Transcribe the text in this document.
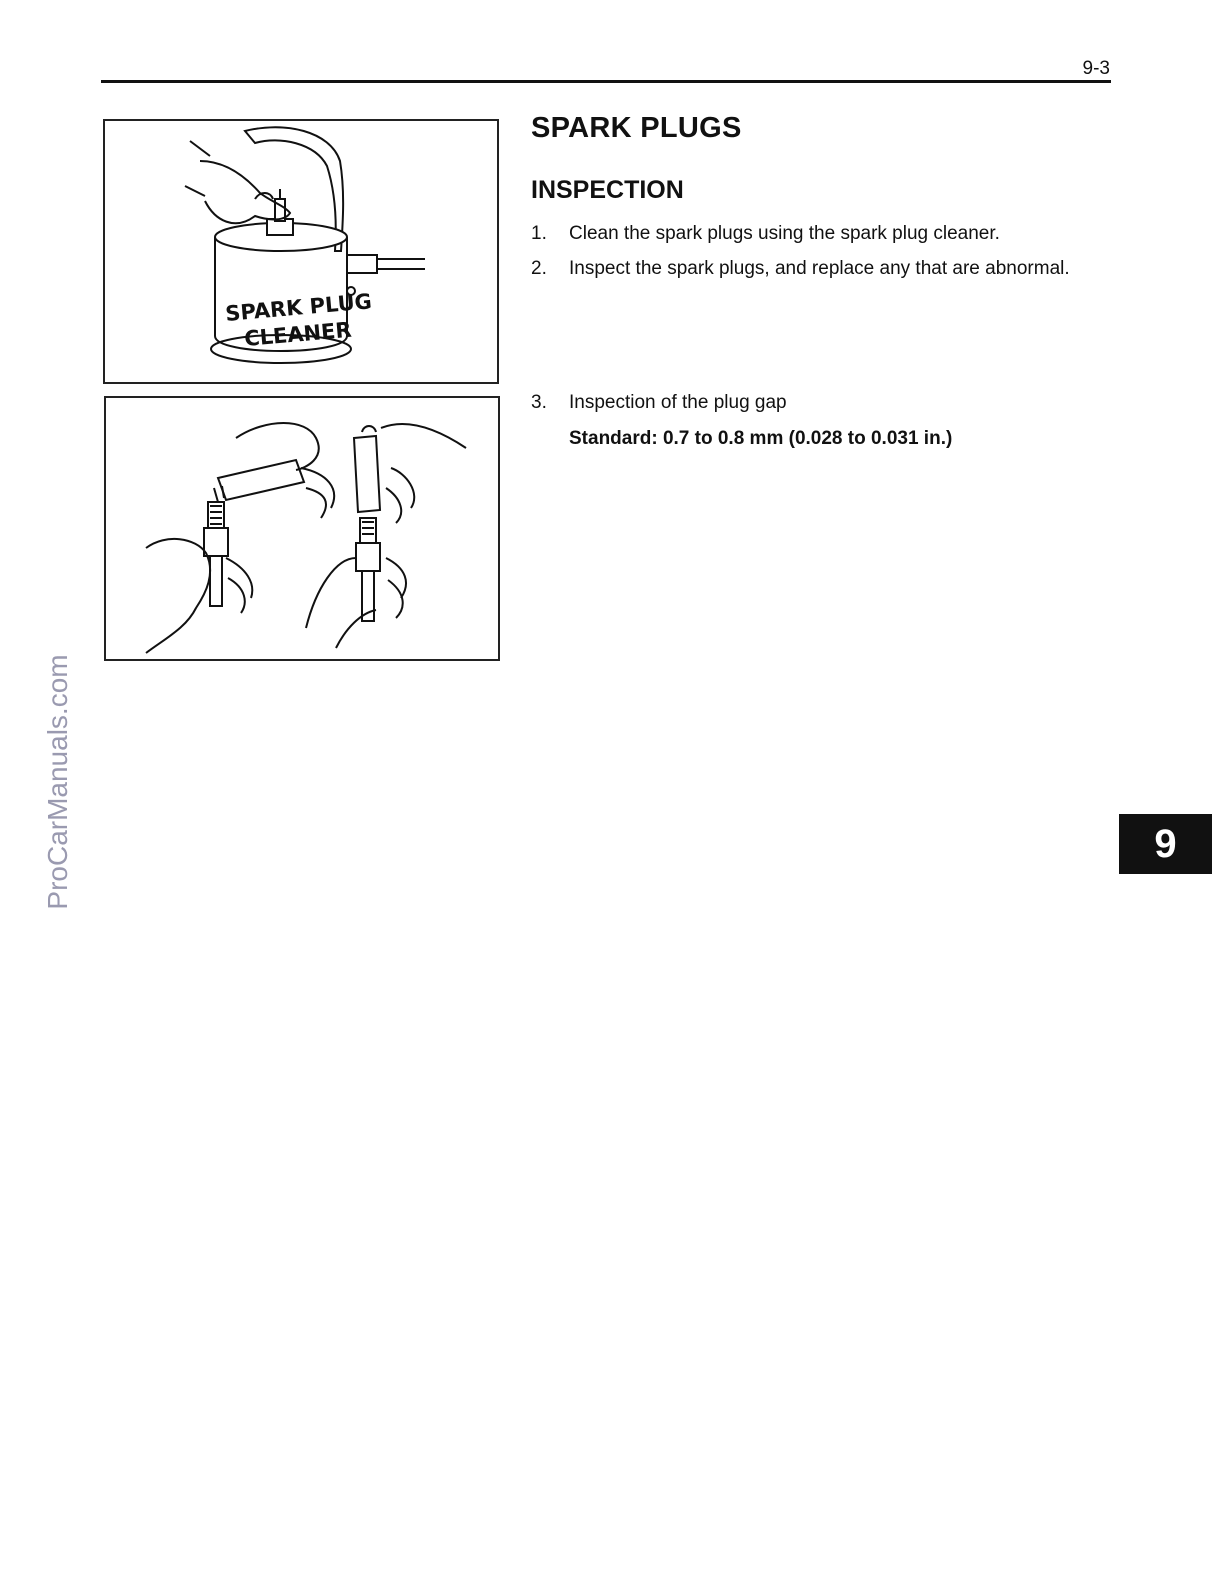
9-3
SPARK PLUG
CLEANER
SPARK PLUGS
INSPECTION
1. Clean the spark plugs using the spark plug cleaner.
2. Inspect the spark plugs, and replace any that are abnormal.
3. Inspection of the plug gap
Standard: 0.7 to 0.8 mm (0.028 to 0.031 in.)
ProCarManuals.com	9
